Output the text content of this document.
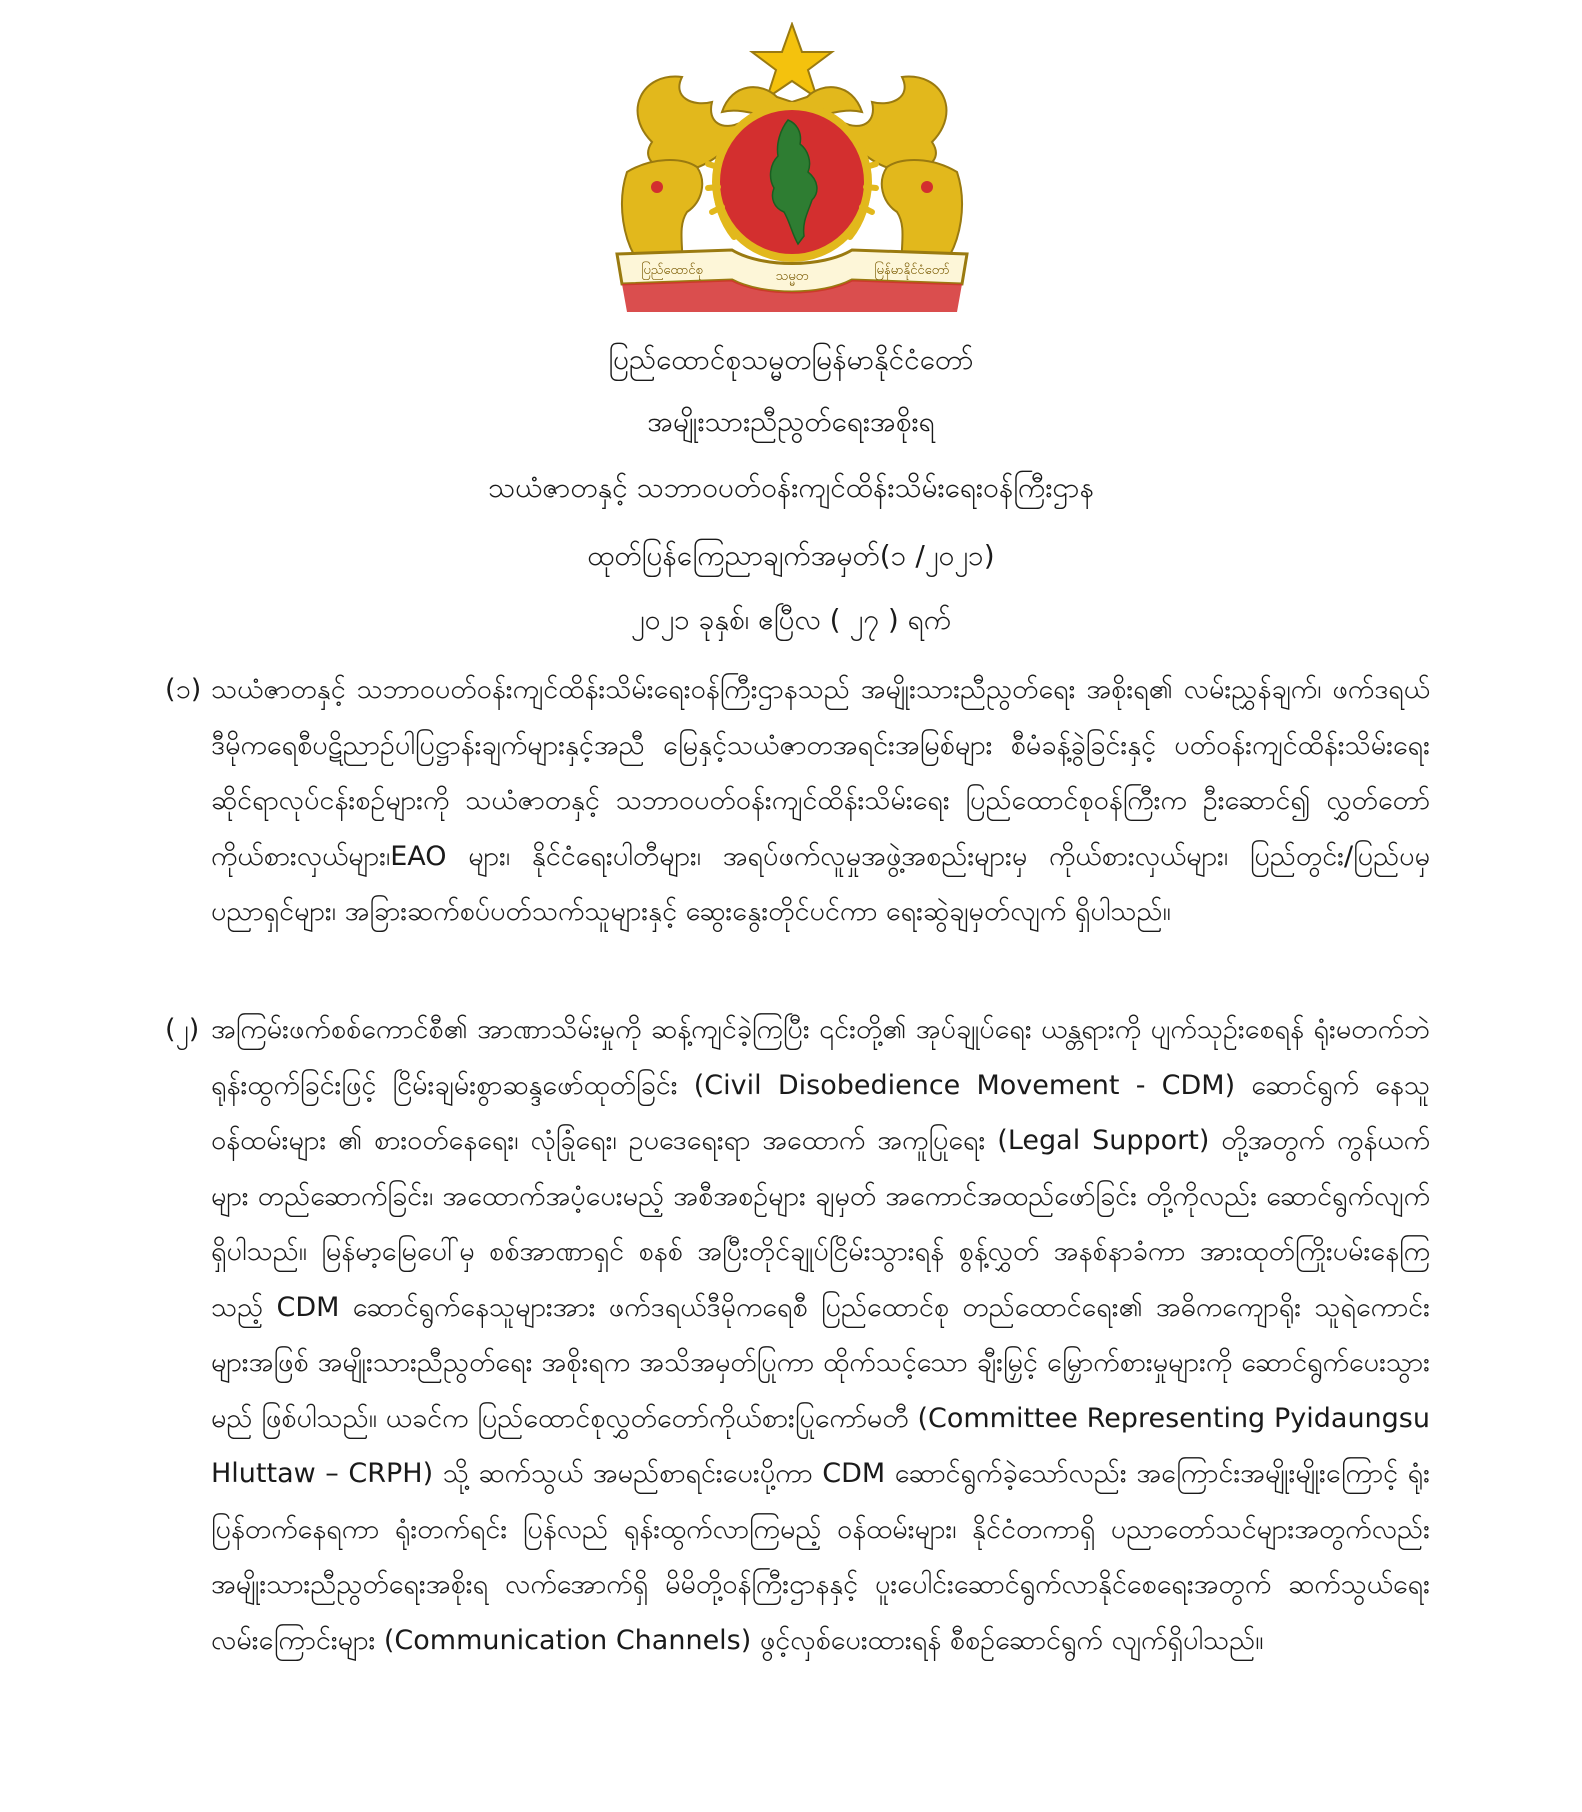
ပြည်ထောင်စု	သမ္မတ	မြန်မာနိုင်ငံတော်
ပြည်ထောင်စုသမ္မတမြန်မာနိုင်ငံတော်
အမျိုးသားညီညွတ်ရေးအစိုးရ
သယံဇာတနှင့် သဘာဝပတ်ဝန်းကျင်ထိန်းသိမ်းရေးဝန်ကြီးဌာန
ထုတ်ပြန်ကြေညာချက်အမှတ်(၁ /၂၀၂၁)
၂၀၂၁ ခုနှစ်၊ ဧပြီလ ( ၂၇ ) ရက်
(၁) သယံဇာတနှင့် သဘာဝပတ်ဝန်းကျင်ထိန်းသိမ်းရေးဝန်ကြီးဌာနသည် အမျိုးသားညီညွတ်ရေး အစိုးရ၏ လမ်းညွှန်ချက်၊ ဖက်ဒရယ်ဒီမိုကရေစီပဋိညာဉ်ပါပြဋ္ဌာန်းချက်များနှင့်အညီ မြေနှင့်သယံဇာတအရင်းအမြစ်များ စီမံခန့်ခွဲခြင်းနှင့် ပတ်ဝန်းကျင်ထိန်းသိမ်းရေးဆိုင်ရာလုပ်ငန်းစဉ်များကို သယံဇာတနှင့် သဘာဝပတ်ဝန်းကျင်ထိန်းသိမ်းရေး ပြည်ထောင်စုဝန်ကြီးက ဦးဆောင်၍ လွှတ်တော်ကိုယ်စားလှယ်များ၊EAO များ၊ နိုင်ငံရေးပါတီများ၊ အရပ်ဖက်လူမှုအဖွဲ့အစည်းများမှ ကိုယ်စားလှယ်များ၊ ပြည်တွင်း/ပြည်ပမှ ပညာရှင်များ၊ အခြားဆက်စပ်ပတ်သက်သူများနှင့် ဆွေးနွေးတိုင်ပင်ကာ ရေးဆွဲချမှတ်လျက် ရှိပါသည်။
(၂) အကြမ်းဖက်စစ်ကောင်စီ၏ အာဏာသိမ်းမှုကို ဆန့်ကျင်ခဲ့ကြပြီး ၎င်းတို့၏ အုပ်ချုပ်ရေး ယန္တရားကို ပျက်သုဉ်းစေရန် ရုံးမတက်ဘဲ ရုန်းထွက်ခြင်းဖြင့် ငြိမ်းချမ်းစွာဆန္ဒဖော်ထုတ်ခြင်း (Civil Disobedience Movement - CDM) ဆောင်ရွက် နေသူ ဝန်ထမ်းများ ၏ စားဝတ်နေရေး၊ လုံခြုံရေး၊ ဥပဒေရေးရာ အထောက် အကူပြုရေး (Legal Support) တို့အတွက် ကွန်ယက်များ တည်ဆောက်ခြင်း၊ အထောက်အပံ့ပေးမည့် အစီအစဉ်များ ချမှတ် အကောင်အထည်ဖော်ခြင်း တို့ကိုလည်း ဆောင်ရွက်လျက်ရှိပါသည်။ မြန်မာ့မြေပေါ်မှ စစ်အာဏာရှင် စနစ် အပြီးတိုင်ချုပ်ငြိမ်းသွားရန် စွန့်လွှတ် အနစ်နာခံကာ အားထုတ်ကြိုးပမ်းနေကြသည့် CDM ဆောင်ရွက်နေသူများအား ဖက်ဒရယ်ဒီမိုကရေစီ ပြည်ထောင်စု တည်ထောင်ရေး၏ အဓိကကျောရိုး သူရဲကောင်းများအဖြစ် အမျိုးသားညီညွတ်ရေး အစိုးရက အသိအမှတ်ပြုကာ ထိုက်သင့်သော ချီးမြှင့် မြှောက်စားမှုများကို ဆောင်ရွက်ပေးသွားမည် ဖြစ်ပါသည်။ ယခင်က ပြည်ထောင်စုလွှတ်တော်ကိုယ်စားပြုကော်မတီ (Committee Representing Pyidaungsu Hluttaw – CRPH) သို့ ဆက်သွယ် အမည်စာရင်းပေးပို့ကာ CDM ဆောင်ရွက်ခဲ့သော်လည်း အကြောင်းအမျိုးမျိုးကြောင့် ရုံးပြန်တက်နေရကာ ရုံးတက်ရင်း ပြန်လည် ရုန်းထွက်လာကြမည့် ဝန်ထမ်းများ၊ နိုင်ငံတကာရှိ ပညာတော်သင်များအတွက်လည်း အမျိုးသားညီညွတ်ရေးအစိုးရ လက်အောက်ရှိ မိမိတို့ဝန်ကြီးဌာနနှင့် ပူးပေါင်းဆောင်ရွက်လာနိုင်စေရေးအတွက် ဆက်သွယ်ရေး လမ်းကြောင်းများ (Communication Channels) ဖွင့်လှစ်ပေးထားရန် စီစဉ်ဆောင်ရွက် လျက်ရှိပါသည်။
